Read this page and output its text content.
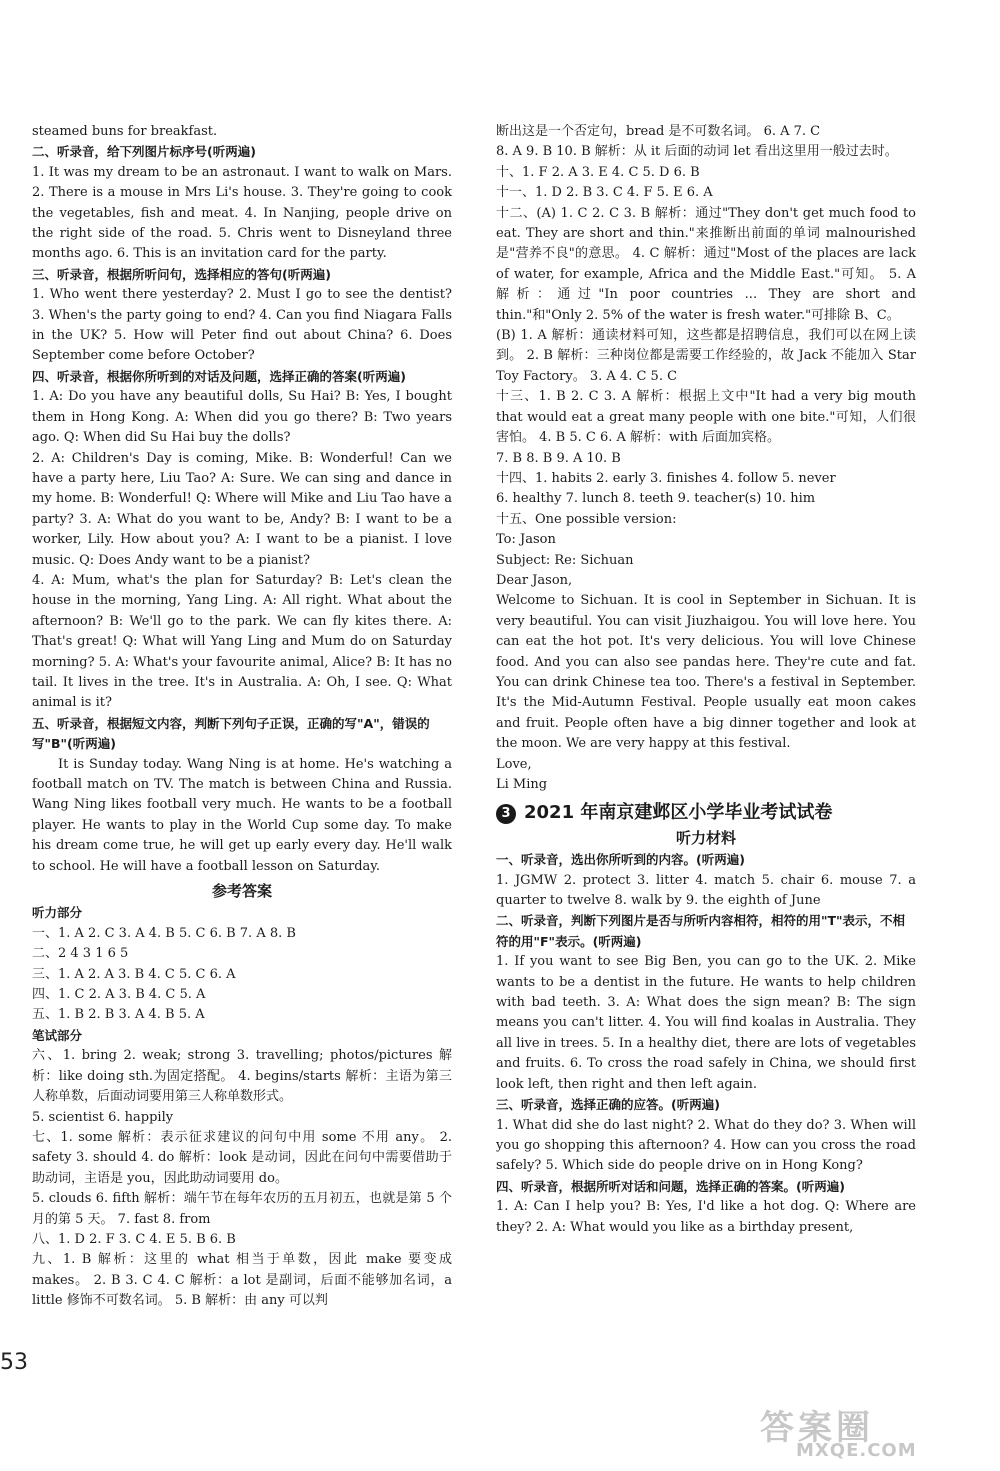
steamed buns for breakfast.

二、听录音，给下列图片标序号(听两遍)

1. It was my dream to be an astronaut. I want to walk on Mars. 2. There is a mouse in Mrs Li's house. 3. They're going to cook the vegetables, fish and meat. 4. In Nanjing, people drive on the right side of the road. 5. Chris went to Disneyland three months ago. 6. This is an invitation card for the party.

三、听录音，根据所听问句，选择相应的答句(听两遍)

1. Who went there yesterday? 2. Must I go to see the dentist? 3. When's the party going to end? 4. Can you find Niagara Falls in the UK? 5. How will Peter find out about China? 6. Does September come before October?

四、听录音，根据你所听到的对话及问题，选择正确的答案(听两遍)

1. A: Do you have any beautiful dolls, Su Hai? B: Yes, I bought them in Hong Kong. A: When did you go there? B: Two years ago. Q: When did Su Hai buy the dolls?

2. A: Children's Day is coming, Mike. B: Wonderful! Can we have a party here, Liu Tao? A: Sure. We can sing and dance in my home. B: Wonderful! Q: Where will Mike and Liu Tao have a party? 3. A: What do you want to be, Andy? B: I want to be a worker, Lily. How about you? A: I want to be a pianist. I love music. Q: Does Andy want to be a pianist?

4. A: Mum, what's the plan for Saturday? B: Let's clean the house in the morning, Yang Ling. A: All right. What about the afternoon? B: We'll go to the park. We can fly kites there. A: That's great! Q: What will Yang Ling and Mum do on Saturday morning? 5. A: What's your favourite animal, Alice? B: It has no tail. It lives in the tree. It's in Australia. A: Oh, I see. Q: What animal is it?

五、听录音，根据短文内容，判断下列句子正误，正确的写"A"，错误的写"B"(听两遍)

It is Sunday today. Wang Ning is at home. He's watching a football match on TV. The match is between China and Russia. Wang Ning likes football very much. He wants to be a football player. He wants to play in the World Cup some day. To make his dream come true, he will get up early every day. He'll walk to school. He will have a football lesson on Saturday.

参考答案

听力部分

一、1. A 2. C 3. A 4. B 5. C 6. B 7. A 8. B

二、2 4 3 1 6 5

三、1. A 2. A 3. B 4. C 5. C 6. A

四、1. C 2. A 3. B 4. C 5. A

五、1. B 2. B 3. A 4. B 5. A

笔试部分

六、1. bring 2. weak; strong 3. travelling; photos/pictures 解析：like doing sth.为固定搭配。 4. begins/starts 解析：主语为第三人称单数，后面动词要用第三人称单数形式。

5. scientist 6. happily

七、1. some 解析：表示征求建议的问句中用 some 不用 any。 2. safety 3. should 4. do 解析：look 是动词，因此在问句中需要借助于助动词，主语是 you，因此助动词要用 do。

5. clouds 6. fifth 解析：端午节在每年农历的五月初五，也就是第 5 个月的第 5 天。 7. fast 8. from

八、1. D 2. F 3. C 4. E 5. B 6. B

九、1. B 解析：这里的 what 相当于单数，因此 make 要变成 makes。 2. B 3. C 4. C 解析：a lot 是副词，后面不能够加名词，a little 修饰不可数名词。 5. B 解析：由 any 可以判

断出这是一个否定句，bread 是不可数名词。 6. A 7. C

8. A 9. B 10. B 解析：从 it 后面的动词 let 看出这里用一般过去时。

十、1. F 2. A 3. E 4. C 5. D 6. B

十一、1. D 2. B 3. C 4. F 5. E 6. A

十二、(A) 1. C 2. C 3. B 解析：通过"They don't get much food to eat. They are short and thin."来推断出前面的单词 malnourished 是"营养不良"的意思。 4. C 解析：通过"Most of the places are lack of water, for example, Africa and the Middle East."可知。 5. A 解析：通过"In poor countries ... They are short and thin."和"Only 2. 5% of the water is fresh water."可排除 B、C。

(B) 1. A 解析：通读材料可知，这些都是招聘信息，我们可以在网上读到。 2. B 解析：三种岗位都是需要工作经验的，故 Jack 不能加入 Star Toy Factory。 3. A 4. C 5. C

十三、1. B 2. C 3. A 解析：根据上文中"It had a very big mouth that would eat a great many people with one bite."可知，人们很害怕。 4. B 5. C 6. A 解析：with 后面加宾格。

7. B 8. B 9. A 10. B

十四、1. habits 2. early 3. finishes 4. follow 5. never

6. healthy 7. lunch 8. teeth 9. teacher(s) 10. him

十五、One possible version:

To: Jason

Subject: Re: Sichuan

Dear Jason,

Welcome to Sichuan. It is cool in September in Sichuan. It is very beautiful. You can visit Jiuzhaigou. You will love here. You can eat the hot pot. It's very delicious. You will love Chinese food. And you can also see pandas here. They're cute and fat. You can drink Chinese tea too. There's a festival in September. It's the Mid-Autumn Festival. People usually eat moon cakes and fruit. People often have a big dinner together and look at the moon. We are very happy at this festival.

Love,

Li Ming

3 2021 年南京建邺区小学毕业考试试卷

听力材料

一、听录音，选出你所听到的内容。(听两遍)

1. JGMW 2. protect 3. litter 4. match 5. chair 6. mouse 7. a quarter to twelve 8. walk by 9. the eighth of June

二、听录音，判断下列图片是否与所听内容相符，相符的用"T"表示，不相符的用"F"表示。(听两遍)

1. If you want to see Big Ben, you can go to the UK. 2. Mike wants to be a dentist in the future. He wants to help children with bad teeth. 3. A: What does the sign mean? B: The sign means you can't litter. 4. You will find koalas in Australia. They all live in trees. 5. In a healthy diet, there are lots of vegetables and fruits. 6. To cross the road safely in China, we should first look left, then right and then left again.

三、听录音，选择正确的应答。(听两遍)

1. What did she do last night? 2. What do they do? 3. When will you go shopping this afternoon? 4. How can you cross the road safely? 5. Which side do people drive on in Hong Kong?

四、听录音，根据所听对话和问题，选择正确的答案。(听两遍)

1. A: Can I help you? B: Yes, I'd like a hot dog. Q: Where are they? 2. A: What would you like as a birthday present,

53
答案圈
MXQE.COM
